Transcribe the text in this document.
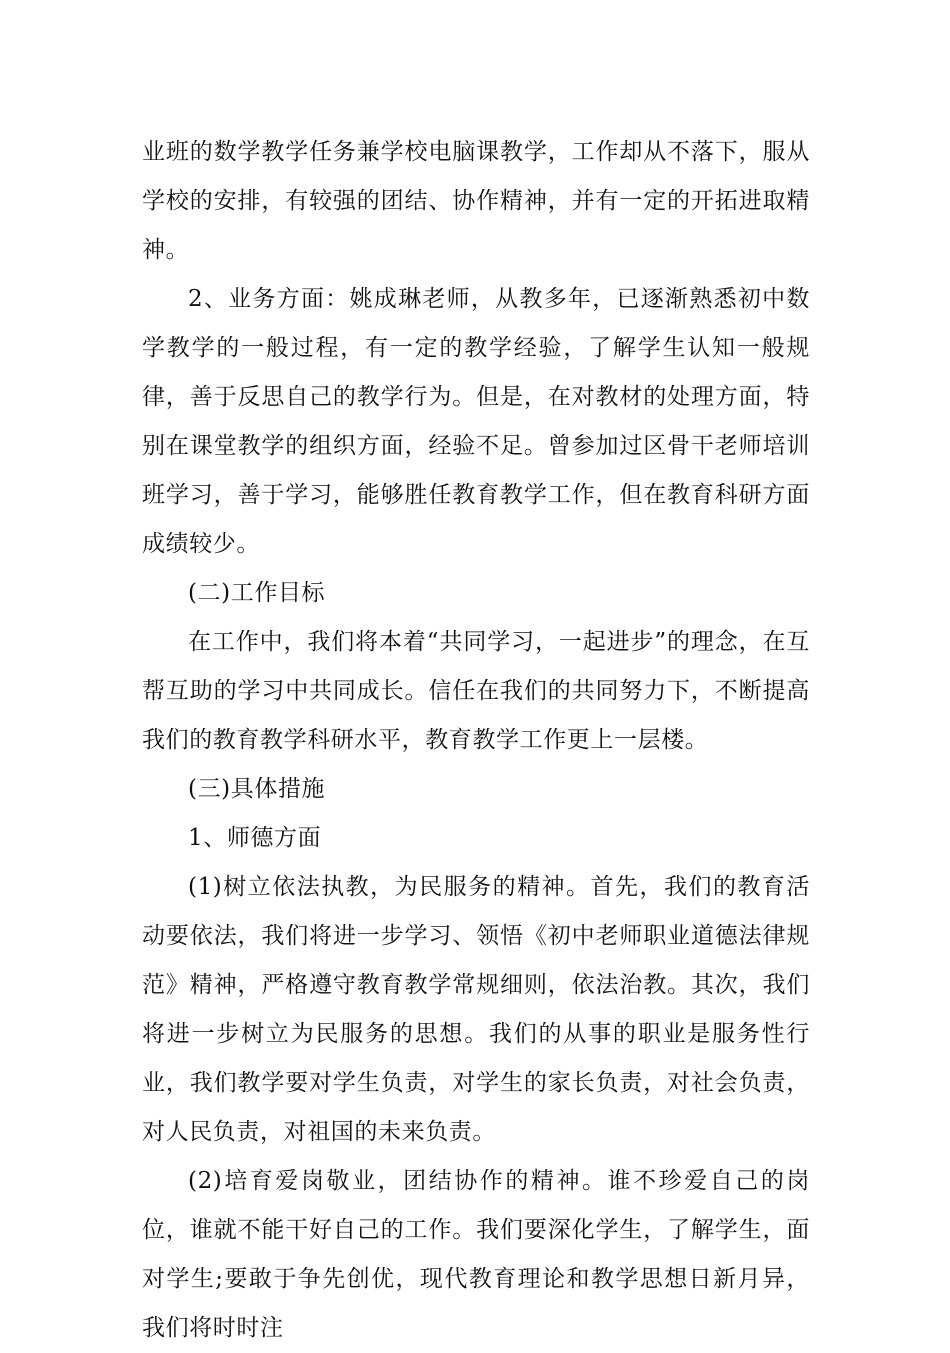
业班的数学教学任务兼学校电脑课教学，工作却从不落下，服从学校的安排，有较强的团结、协作精神，并有一定的开拓进取精神。

2、业务方面：姚成琳老师，从教多年，已逐渐熟悉初中数学教学的一般过程，有一定的教学经验，了解学生认知一般规律，善于反思自己的教学行为。但是，在对教材的处理方面，特别在课堂教学的组织方面，经验不足。曾参加过区骨干老师培训班学习，善于学习，能够胜任教育教学工作，但在教育科研方面成绩较少。

(二)工作目标

在工作中，我们将本着“共同学习，一起进步”的理念，在互帮互助的学习中共同成长。信任在我们的共同努力下，不断提高我们的教育教学科研水平，教育教学工作更上一层楼。

(三)具体措施

1、师德方面

(1)树立依法执教，为民服务的精神。首先，我们的教育活动要依法，我们将进一步学习、领悟《初中老师职业道德法律规范》精神，严格遵守教育教学常规细则，依法治教。其次，我们将进一步树立为民服务的思想。我们的从事的职业是服务性行业，我们教学要对学生负责，对学生的家长负责，对社会负责，对人民负责，对祖国的未来负责。

(2)培育爱岗敬业，团结协作的精神。谁不珍爱自己的岗位，谁就不能干好自己的工作。我们要深化学生，了解学生，面对学生;要敢于争先创优，现代教育理论和教学思想日新月异，我们将时时注
